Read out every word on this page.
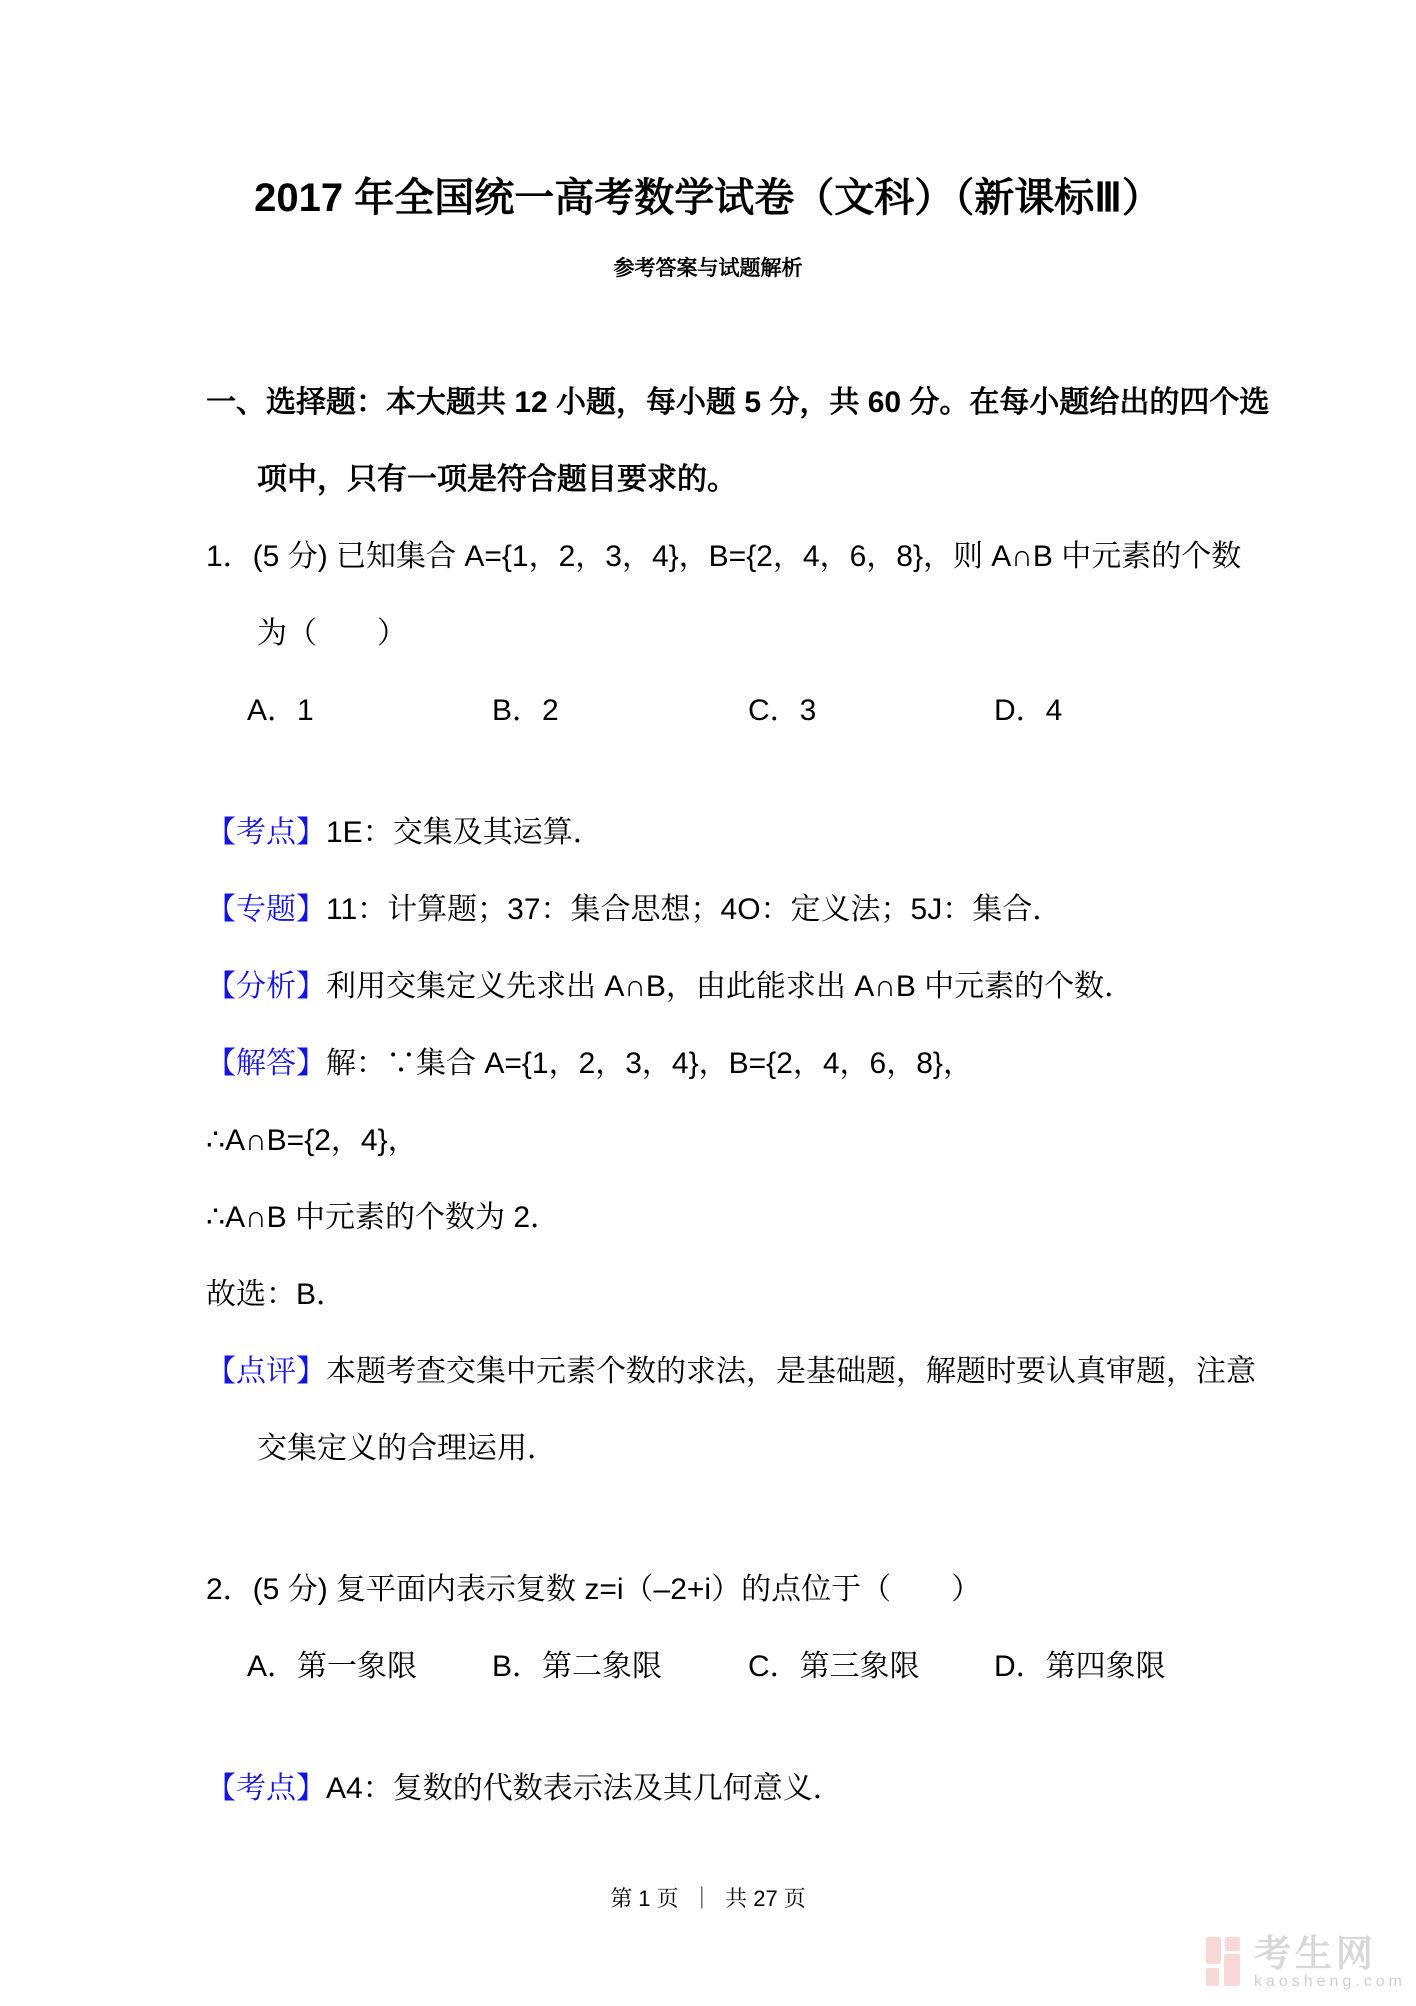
2017 年全国统一高考数学试卷（文科）（新课标Ⅲ）
参考答案与试题解析
一、选择题：本大题共 12 小题，每小题 5 分，共 60 分。在每小题给出的四个选
项中，只有一项是符合题目要求的。
1．(5 分) 已知集合 A={1，2，3，4}，B={2，4，6，8}，则 A∩B 中元素的个数
为（　　）
A．1	B．2	C．3	D．4
【考点】1E：交集及其运算．
【专题】11：计算题；37：集合思想；4O：定义法；5J：集合．
【分析】利用交集定义先求出 A∩B，由此能求出 A∩B 中元素的个数．
【解答】解：∵集合 A={1，2，3，4}，B={2，4，6，8}，
∴A∩B={2，4}，
∴A∩B 中元素的个数为 2．
故选：B．
【点评】本题考查交集中元素个数的求法，是基础题，解题时要认真审题，注意
交集定义的合理运用．
2．(5 分) 复平面内表示复数 z=i（–2+i）的点位于（　　）
A．第一象限	B．第二象限	C．第三象限	D．第四象限
【考点】A4：复数的代数表示法及其几何意义．
第 1 页  ｜  共 27 页
考生网
kaosheng.com
